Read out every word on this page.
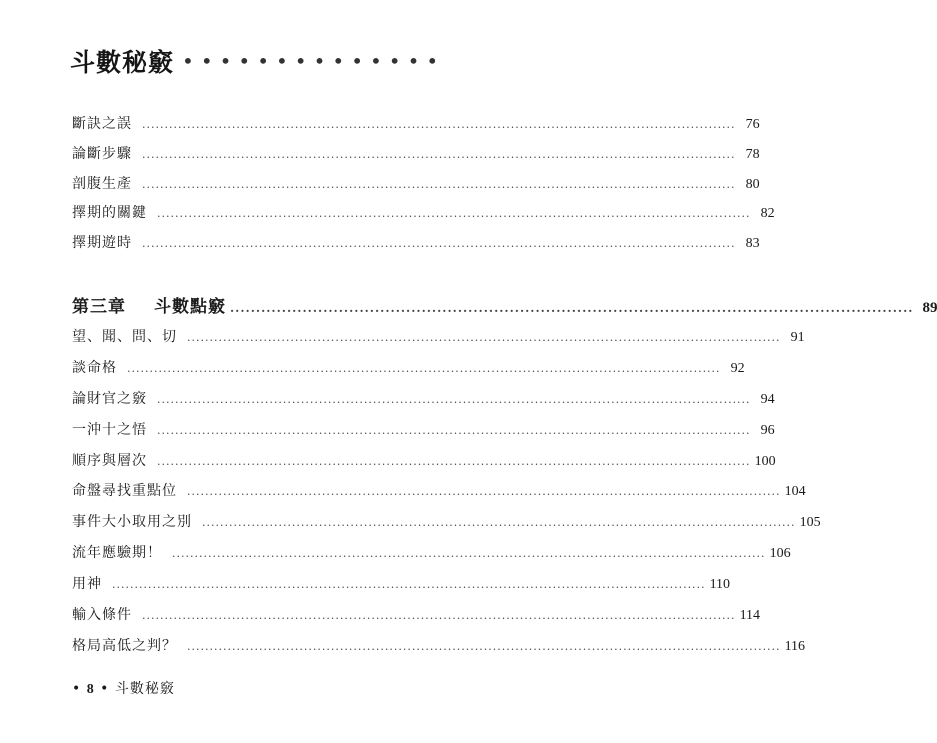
斗數秘竅 ••••••••••••••
斷訣之誤 .................................................................................................................................... 76
論斷步驟 .................................................................................................................................... 78
剖腹生產 .................................................................................................................................... 80
擇期的關鍵 .................................................................................................................................... 82
擇期遊時 .................................................................................................................................... 83
第三章 斗數點竅 .................................................................................................................................... 89
望、聞、問、切 .................................................................................................................................... 91
談命格 .................................................................................................................................... 92
論財官之竅 .................................................................................................................................... 94
一沖十之悟 .................................................................................................................................... 96
順序與層次 .................................................................................................................................... 100
命盤尋找重點位 .................................................................................................................................... 104
事件大小取用之別 .................................................................................................................................... 105
流年應驗期！ .................................................................................................................................... 106
用神 .................................................................................................................................... 110
輸入條件 .................................................................................................................................... 114
格局高低之判？ .................................................................................................................................... 116
• 8 • 斗數秘竅
